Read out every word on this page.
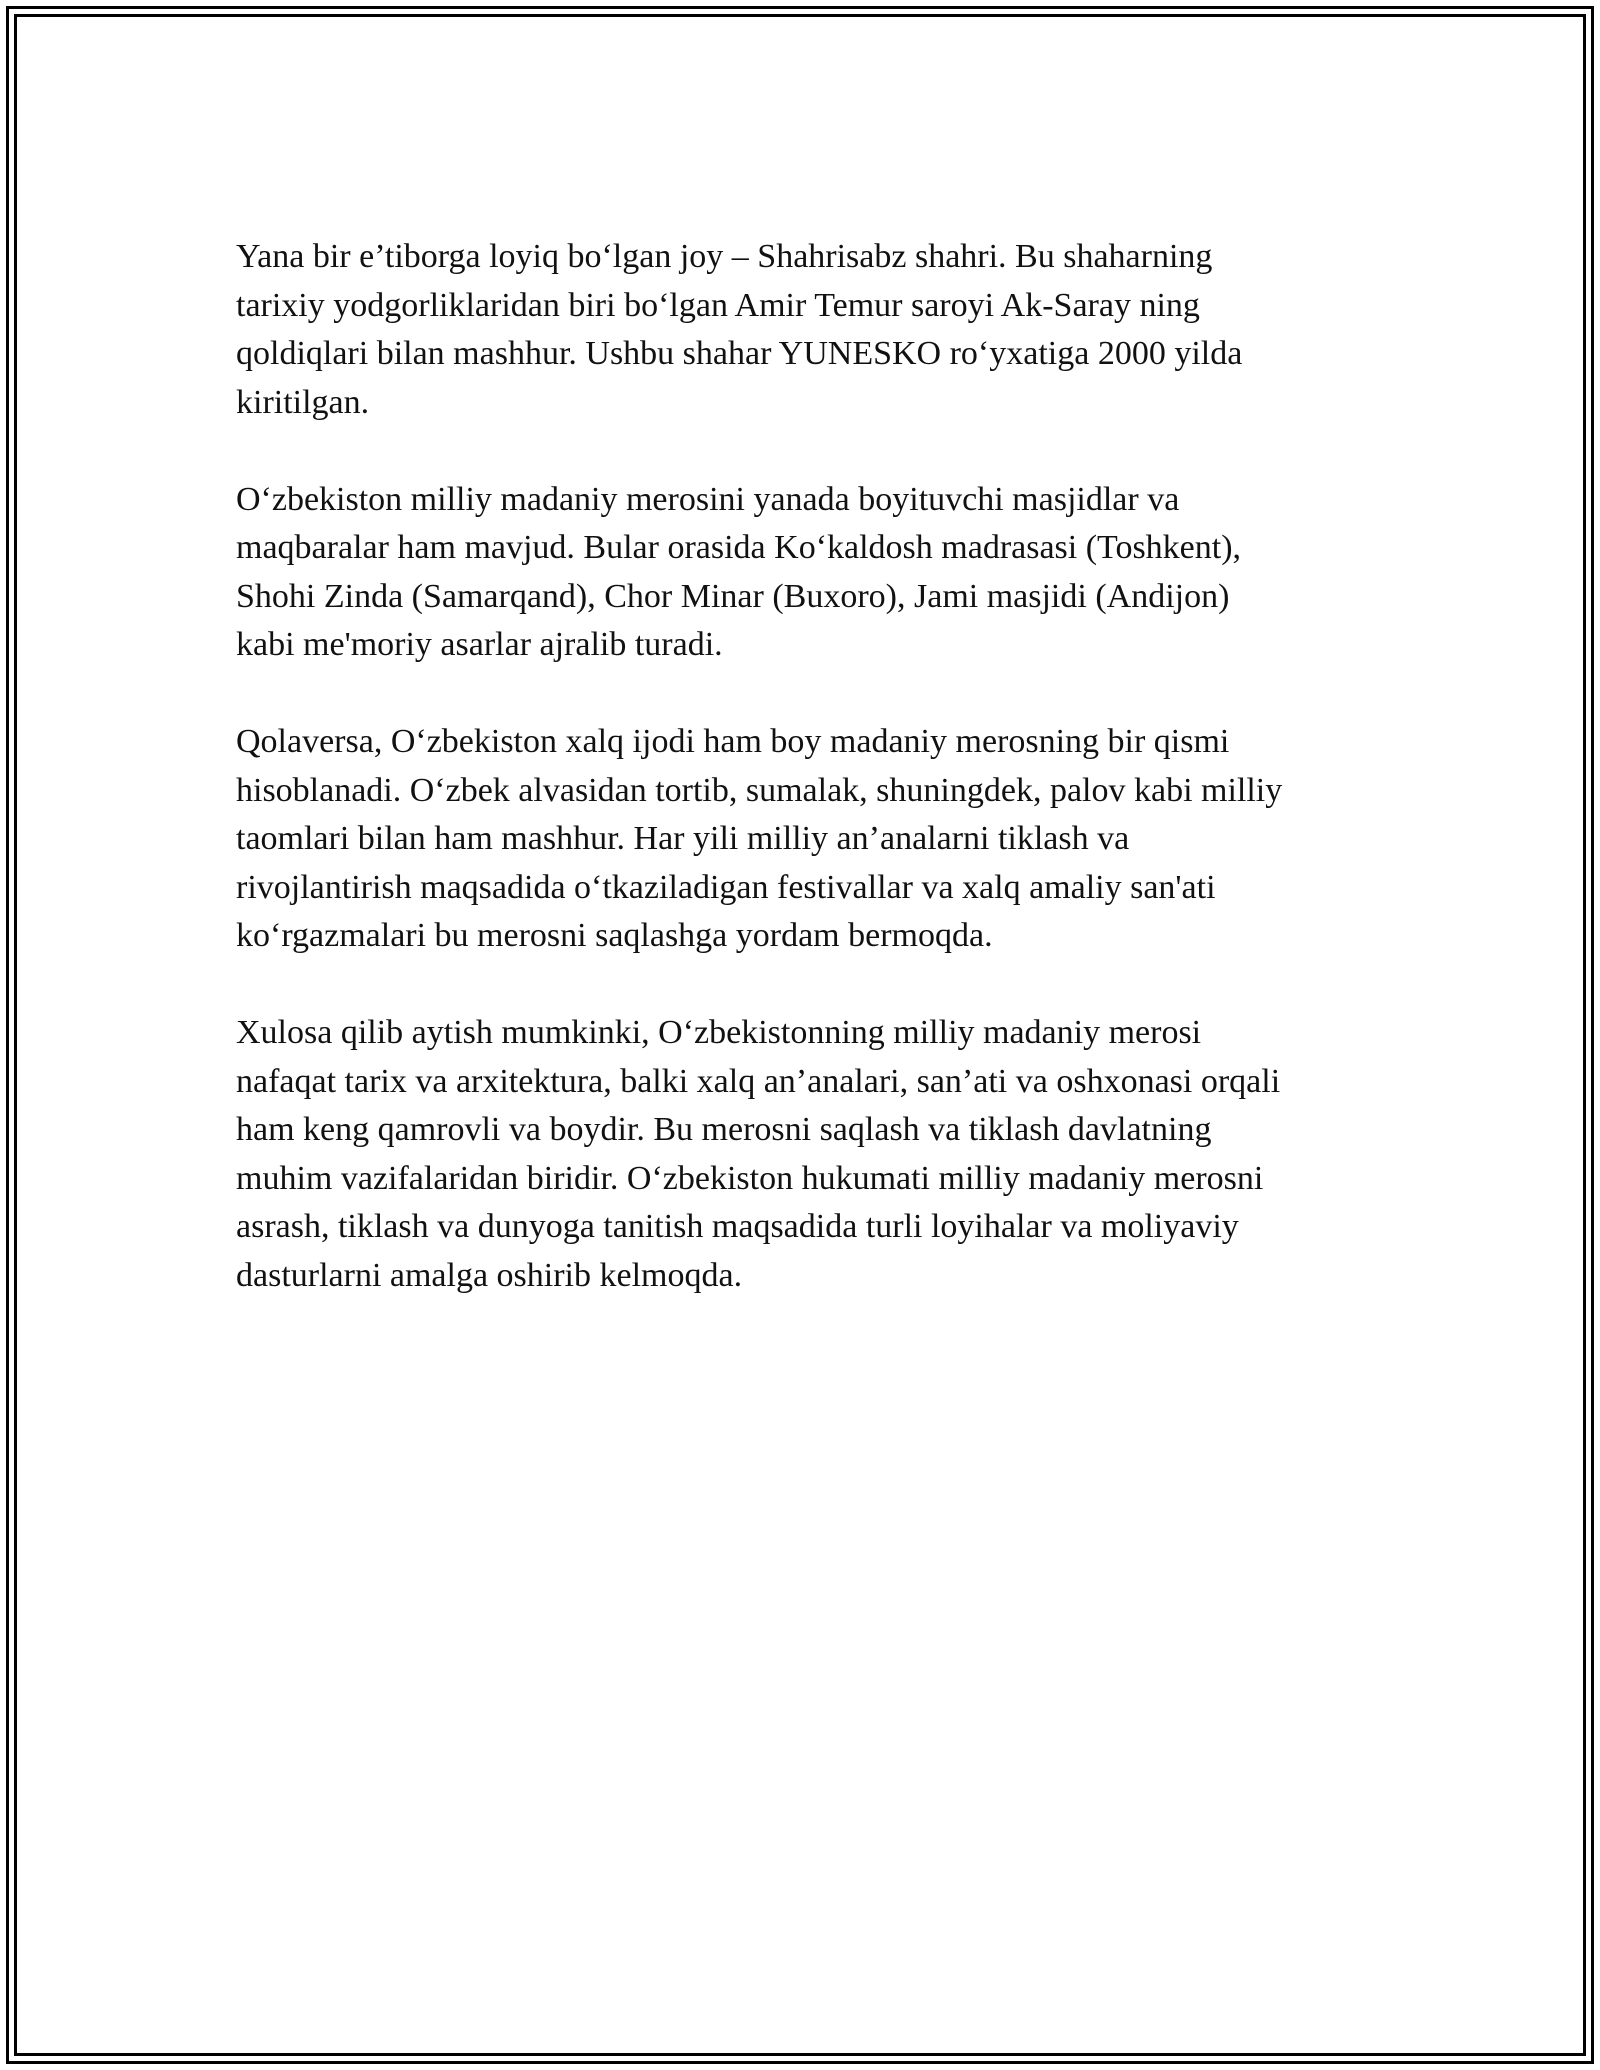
Yana bir e’tiborga loyiq bo‘lgan joy – Shahrisabz shahri. Bu shaharning
tarixiy yodgorliklaridan biri bo‘lgan Amir Temur saroyi Ak-Saray ning
qoldiqlari bilan mashhur. Ushbu shahar YUNESKO ro‘yxatiga 2000 yilda
kiritilgan.

O‘zbekiston milliy madaniy merosini yanada boyituvchi masjidlar va
maqbaralar ham mavjud. Bular orasida Ko‘kaldosh madrasasi (Toshkent),
Shohi Zinda (Samarqand), Chor Minar (Buxoro), Jami masjidi (Andijon)
kabi me'moriy asarlar ajralib turadi.

Qolaversa, O‘zbekiston xalq ijodi ham boy madaniy merosning bir qismi
hisoblanadi. O‘zbek alvasidan tortib, sumalak, shuningdek, palov kabi milliy
taomlari bilan ham mashhur. Har yili milliy an’analarni tiklash va
rivojlantirish maqsadida o‘tkaziladigan festivallar va xalq amaliy san'ati
ko‘rgazmalari bu merosni saqlashga yordam bermoqda.

Xulosa qilib aytish mumkinki, O‘zbekistonning milliy madaniy merosi
nafaqat tarix va arxitektura, balki xalq an’analari, san’ati va oshxonasi orqali
ham keng qamrovli va boydir. Bu merosni saqlash va tiklash davlatning
muhim vazifalaridan biridir. O‘zbekiston hukumati milliy madaniy merosni
asrash, tiklash va dunyoga tanitish maqsadida turli loyihalar va moliyaviy
dasturlarni amalga oshirib kelmoqda.
